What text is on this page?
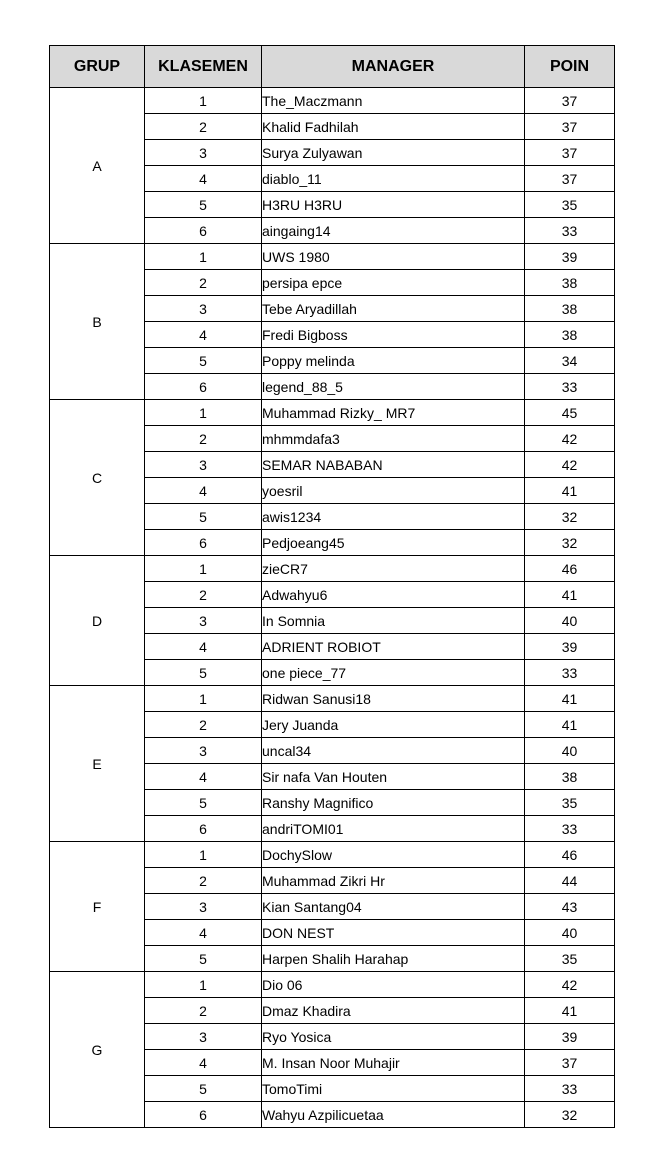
GRUP	KLASEMEN	MANAGER	POIN
A	1	The_Maczmann	37
	2	Khalid Fadhilah	37
	3	Surya Zulyawan	37
	4	diablo_11	37
	5	H3RU H3RU	35
	6	aingaing14	33
B	1	UWS 1980	39
	2	persipa epce	38
	3	Tebe Aryadillah	38
	4	Fredi Bigboss	38
	5	Poppy melinda	34
	6	legend_88_5	33
C	1	Muhammad Rizky_ MR7	45
	2	mhmmdafa3	42
	3	SEMAR NABABAN	42
	4	yoesril	41
	5	awis1234	32
	6	Pedjoeang45	32
D	1	zieCR7	46
	2	Adwahyu6	41
	3	In Somnia	40
	4	ADRIENT ROBIOT	39
	5	one piece_77	33
E	1	Ridwan Sanusi18	41
	2	Jery Juanda	41
	3	uncal34	40
	4	Sir nafa Van Houten	38
	5	Ranshy Magnifico	35
	6	andriTOMI01	33
F	1	DochySlow	46
	2	Muhammad Zikri Hr	44
	3	Kian Santang04	43
	4	DON NEST	40
	5	Harpen Shalih Harahap	35
G	1	Dio 06	42
	2	Dmaz Khadira	41
	3	Ryo Yosica	39
	4	M. Insan Noor Muhajir	37
	5	TomoTimi	33
	6	Wahyu Azpilicuetaa	32
